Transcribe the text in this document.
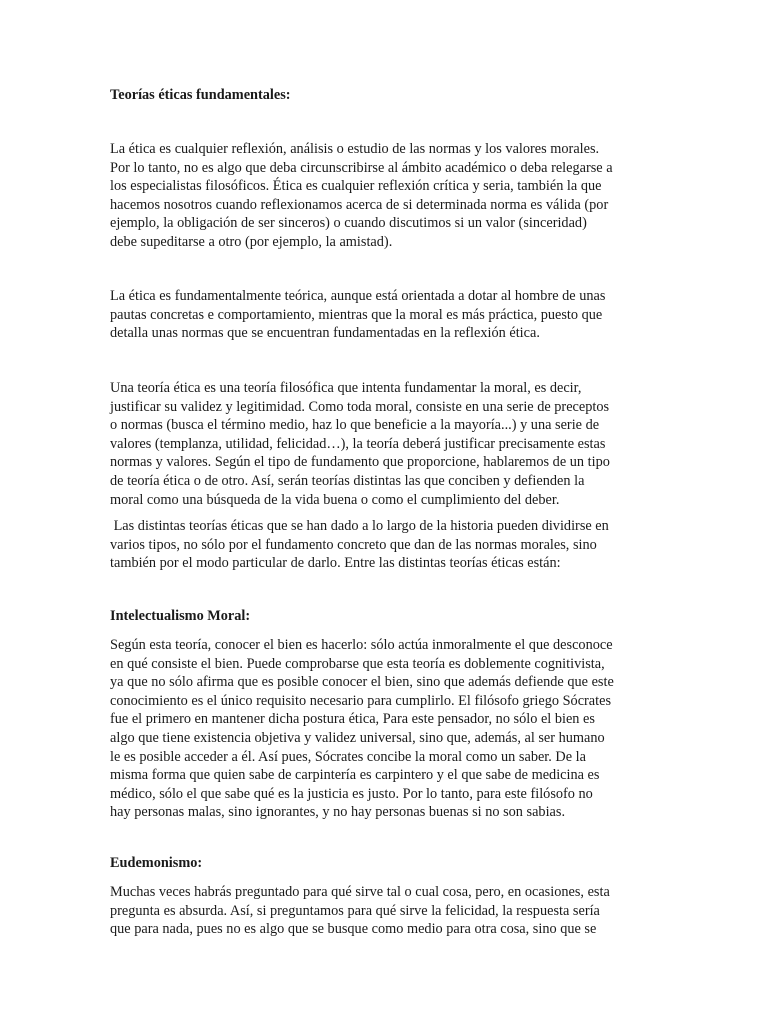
Teorías éticas fundamentales:

La ética es cualquier reflexión, análisis o estudio de las normas y los valores morales.
Por lo tanto, no es algo que deba circunscribirse al ámbito académico o deba relegarse a
los especialistas filosóficos. Ética es cualquier reflexión crítica y seria, también la que
hacemos nosotros cuando reflexionamos acerca de si determinada norma es válida (por
ejemplo, la obligación de ser sinceros) o cuando discutimos si un valor (sinceridad)
debe supeditarse a otro (por ejemplo, la amistad).
La ética es fundamentalmente teórica, aunque está orientada a dotar al hombre de unas
pautas concretas e comportamiento, mientras que la moral es más práctica, puesto que
detalla unas normas que se encuentran fundamentadas en la reflexión ética.
Una teoría ética es una teoría filosófica que intenta fundamentar la moral, es decir,
justificar su validez y legitimidad. Como toda moral, consiste en una serie de preceptos
o normas (busca el término medio, haz lo que beneficie a la mayoría...) y una serie de
valores (templanza, utilidad, felicidad…), la teoría deberá justificar precisamente estas
normas y valores. Según el tipo de fundamento que proporcione, hablaremos de un tipo
de teoría ética o de otro. Así, serán teorías distintas las que conciben y defienden la
moral como una búsqueda de la vida buena o como el cumplimiento del deber.
Las distintas teorías éticas que se han dado a lo largo de la historia pueden dividirse en
varios tipos, no sólo por el fundamento concreto que dan de las normas morales, sino
también por el modo particular de darlo. Entre las distintas teorías éticas están:

Intelectualismo Moral:

Según esta teoría, conocer el bien es hacerlo: sólo actúa inmoralmente el que desconoce
en qué consiste el bien. Puede comprobarse que esta teoría es doblemente cognitivista,
ya que no sólo afirma que es posible conocer el bien, sino que además defiende que este
conocimiento es el único requisito necesario para cumplirlo. El filósofo griego Sócrates
fue el primero en mantener dicha postura ética, Para este pensador, no sólo el bien es
algo que tiene existencia objetiva y validez universal, sino que, además, al ser humano
le es posible acceder a él. Así pues, Sócrates concibe la moral como un saber. De la
misma forma que quien sabe de carpintería es carpintero y el que sabe de medicina es
médico, sólo el que sabe qué es la justicia es justo. Por lo tanto, para este filósofo no
hay personas malas, sino ignorantes, y no hay personas buenas si no son sabias.

Eudemonismo:

Muchas veces habrás preguntado para qué sirve tal o cual cosa, pero, en ocasiones, esta
pregunta es absurda. Así, si preguntamos para qué sirve la felicidad, la respuesta sería
que para nada, pues no es algo que se busque como medio para otra cosa, sino que se
